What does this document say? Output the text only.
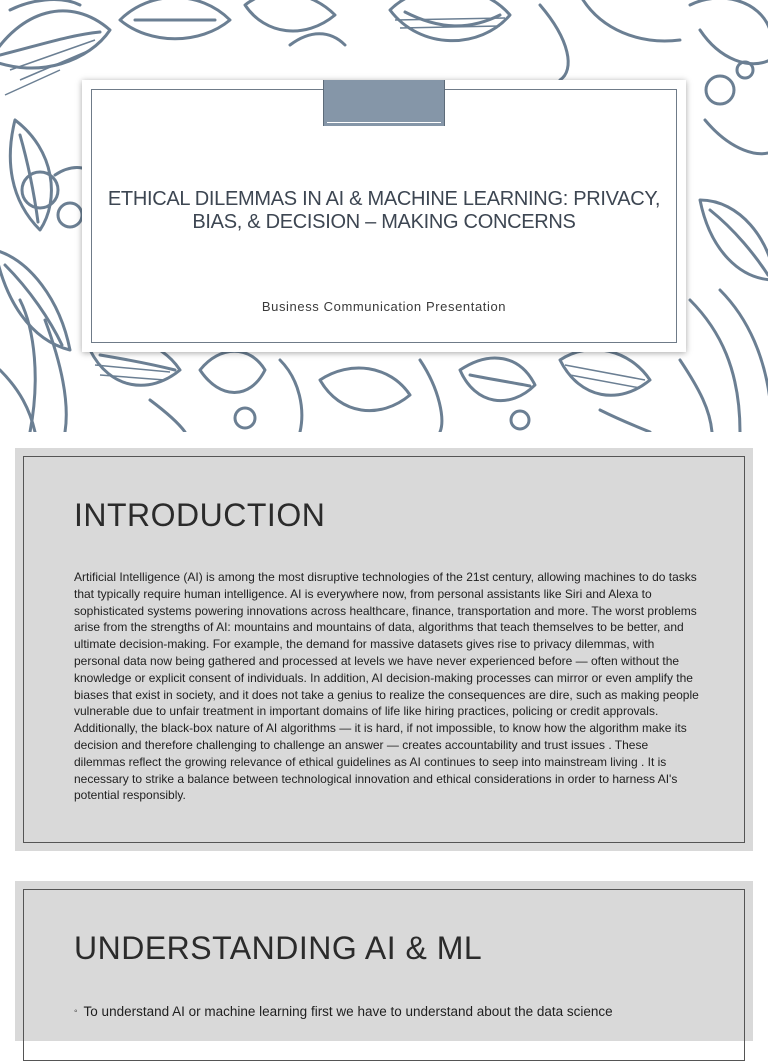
ETHICAL DILEMMAS IN AI & MACHINE LEARNING: PRIVACY, BIAS, & DECISION – MAKING CONCERNS
Business Communication Presentation
INTRODUCTION

Artificial Intelligence (AI) is among the most disruptive technologies of the 21st century, allowing machines to do tasks that typically require human intelligence. AI is everywhere now, from personal assistants like Siri and Alexa to sophisticated systems powering innovations across healthcare, finance, transportation and more. The worst problems arise from the strengths of AI: mountains and mountains of data, algorithms that teach themselves to be better, and ultimate decision-making. For example, the demand for massive datasets gives rise to privacy dilemmas, with personal data now being gathered and processed at levels we have never experienced before — often without the knowledge or explicit consent of individuals. In addition, AI decision-making processes can mirror or even amplify the biases that exist in society, and it does not take a genius to realize the consequences are dire, such as making people vulnerable due to unfair treatment in important domains of life like hiring practices, policing or credit approvals. Additionally, the black-box nature of AI algorithms — it is hard, if not impossible, to know how the algorithm make its decision and therefore challenging to challenge an answer — creates accountability and trust issues . These dilemmas reflect the growing relevance of ethical guidelines as AI continues to seep into mainstream living . It is necessary to strike a balance between technological innovation and ethical considerations in order to harness AI's potential responsibly.

UNDERSTANDING AI & ML
◦ To understand AI or machine learning first we have to understand about the data science
